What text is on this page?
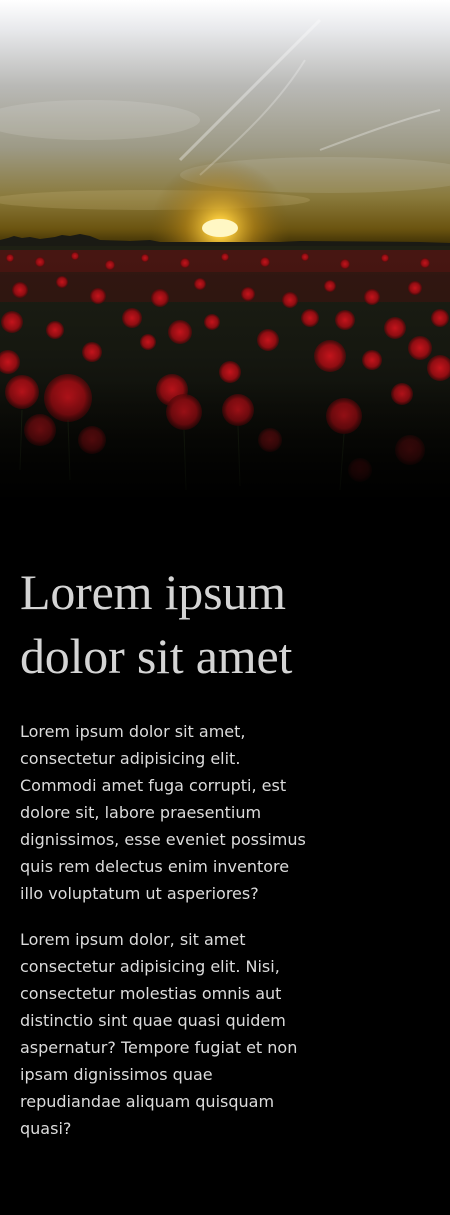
Lorem ipsum
dolor sit amet

Lorem ipsum dolor sit amet, consectetur adipisicing elit. Commodi amet fuga corrupti, est dolore sit, labore praesentium dignissimos, esse eveniet possimus quis rem delectus enim inventore illo voluptatum ut asperiores?

Lorem ipsum dolor, sit amet consectetur adipisicing elit. Nisi, consectetur molestias omnis aut distinctio sint quae quasi quidem aspernatur? Tempore fugiat et non ipsam dignissimos quae repudiandae aliquam quisquam quasi?
